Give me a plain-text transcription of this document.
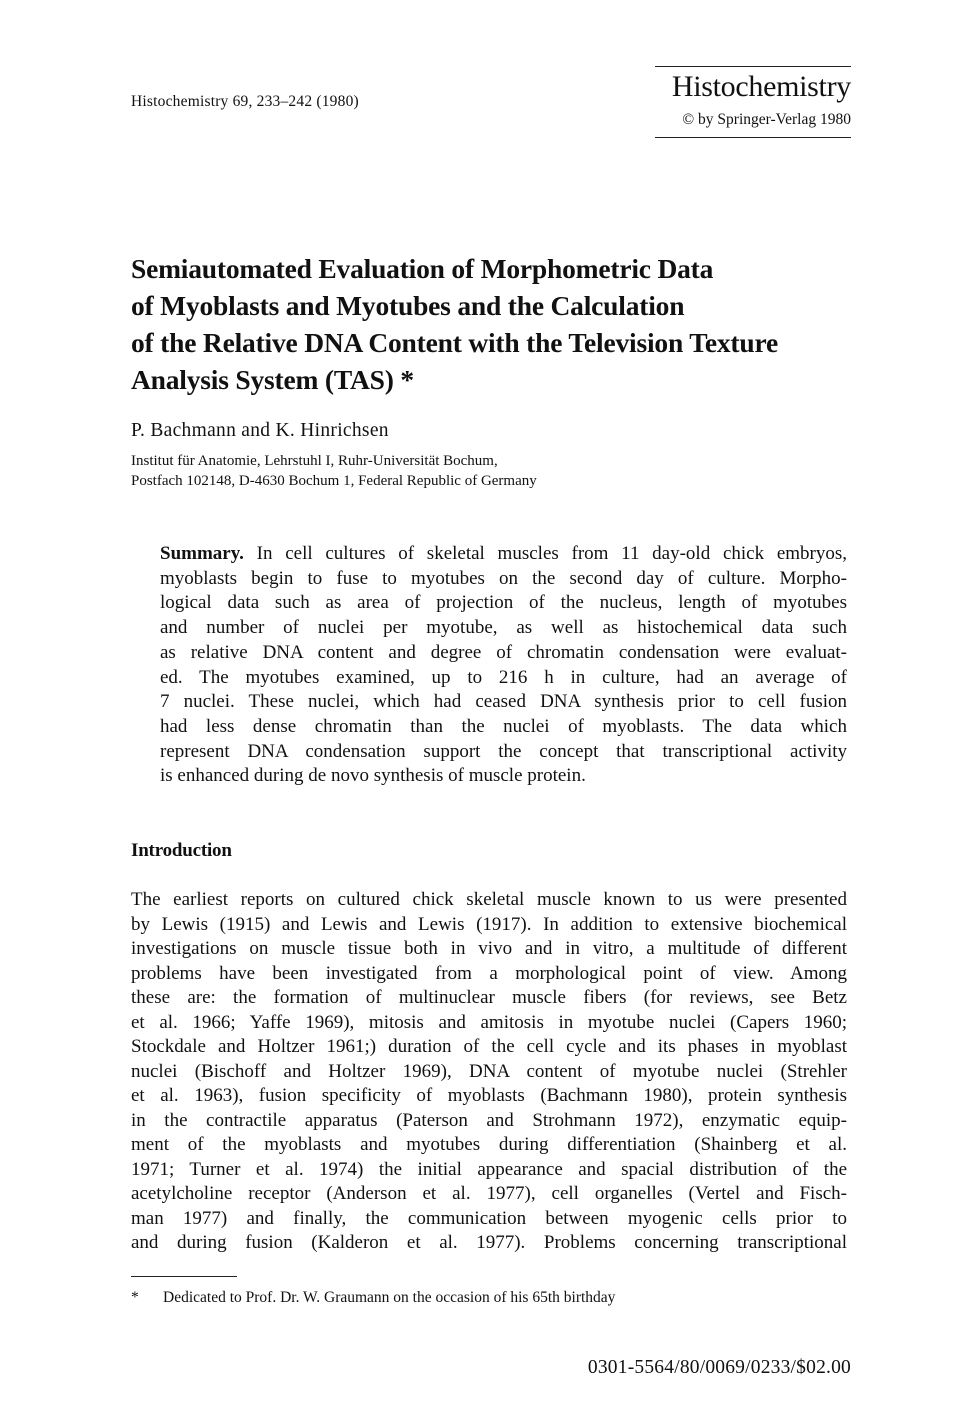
Histochemistry 69, 233–242 (1980)	Histochemistry
© by Springer-Verlag 1980
Semiautomated Evaluation of Morphometric Data
of Myoblasts and Myotubes and the Calculation
of the Relative DNA Content with the Television Texture
Analysis System (TAS) *
P. Bachmann and K. Hinrichsen
Institut für Anatomie, Lehrstuhl I, Ruhr-Universität Bochum,
Postfach 102148, D-4630 Bochum 1, Federal Republic of Germany
Summary. In cell cultures of skeletal muscles from 11 day-old chick embryos,
myoblasts begin to fuse to myotubes on the second day of culture. Morpho-
logical data such as area of projection of the nucleus, length of myotubes
and number of nuclei per myotube, as well as histochemical data such
as relative DNA content and degree of chromatin condensation were evaluat-
ed. The myotubes examined, up to 216 h in culture, had an average of
7 nuclei. These nuclei, which had ceased DNA synthesis prior to cell fusion
had less dense chromatin than the nuclei of myoblasts. The data which
represent DNA condensation support the concept that transcriptional activity
is enhanced during de novo synthesis of muscle protein.
Introduction
The earliest reports on cultured chick skeletal muscle known to us were presented
by Lewis (1915) and Lewis and Lewis (1917). In addition to extensive biochemical
investigations on muscle tissue both in vivo and in vitro, a multitude of different
problems have been investigated from a morphological point of view. Among
these are: the formation of multinuclear muscle fibers (for reviews, see Betz
et al. 1966; Yaffe 1969), mitosis and amitosis in myotube nuclei (Capers 1960;
Stockdale and Holtzer 1961;) duration of the cell cycle and its phases in myoblast
nuclei (Bischoff and Holtzer 1969), DNA content of myotube nuclei (Strehler
et al. 1963), fusion specificity of myoblasts (Bachmann 1980), protein synthesis
in the contractile apparatus (Paterson and Strohmann 1972), enzymatic equip-
ment of the myoblasts and myotubes during differentiation (Shainberg et al.
1971; Turner et al. 1974) the initial appearance and spacial distribution of the
acetylcholine receptor (Anderson et al. 1977), cell organelles (Vertel and Fisch-
man 1977) and finally, the communication between myogenic cells prior to
and during fusion (Kalderon et al. 1977). Problems concerning transcriptional
* Dedicated to Prof. Dr. W. Graumann on the occasion of his 65th birthday
0301-5564/80/0069/0233/$02.00
